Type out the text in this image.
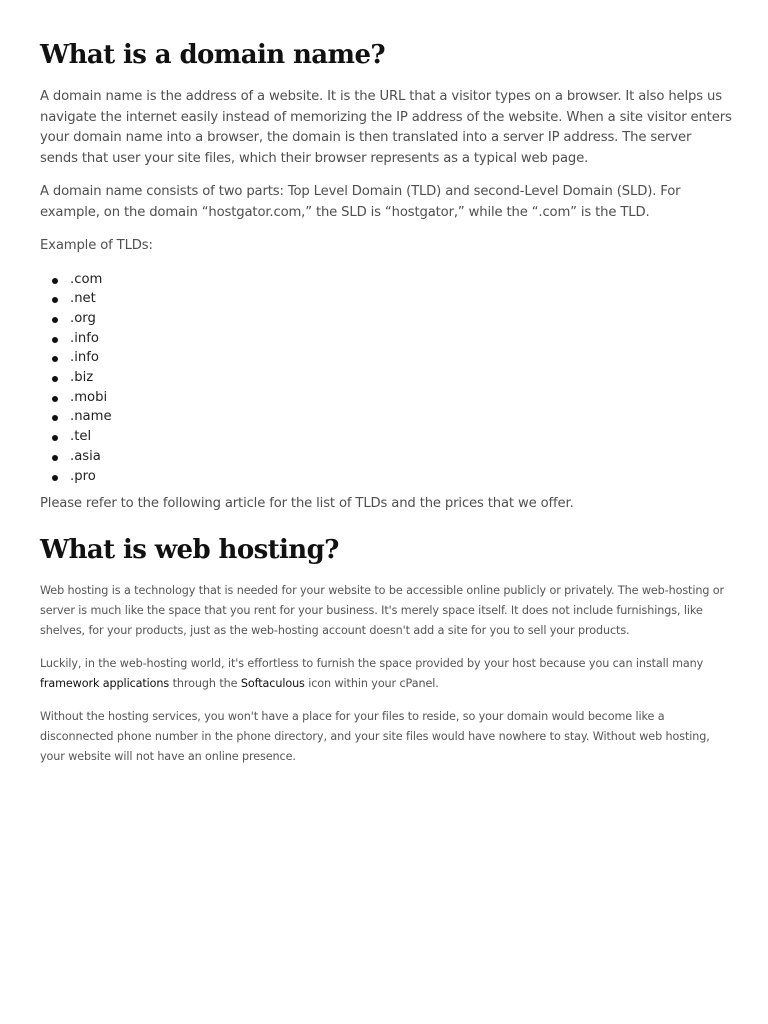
What is a domain name?

A domain name is the address of a website. It is the URL that a visitor types on a browser. It also helps us navigate the internet easily instead of memorizing the IP address of the website. When a site visitor enters your domain name into a browser, the domain is then translated into a server IP address. The server sends that user your site files, which their browser represents as a typical web page.

A domain name consists of two parts: Top Level Domain (TLD) and second-Level Domain (SLD). For example, on the domain “hostgator.com,” the SLD is “hostgator,” while the “.com” is the TLD.

Example of TLDs:

.com
.net
.org
.info
.info
.biz
.mobi
.name
.tel
.asia
.pro

Please refer to the following article for the list of TLDs and the prices that we offer.

What is web hosting?

Web hosting is a technology that is needed for your website to be accessible online publicly or privately. The web-hosting or server is much like the space that you rent for your business. It's merely space itself. It does not include furnishings, like shelves, for your products, just as the web-hosting account doesn't add a site for you to sell your products.

Luckily, in the web-hosting world, it's effortless to furnish the space provided by your host because you can install many framework applications through the Softaculous icon within your cPanel.

Without the hosting services, you won't have a place for your files to reside, so your domain would become like a disconnected phone number in the phone directory, and your site files would have nowhere to stay. Without web hosting, your website will not have an online presence.
